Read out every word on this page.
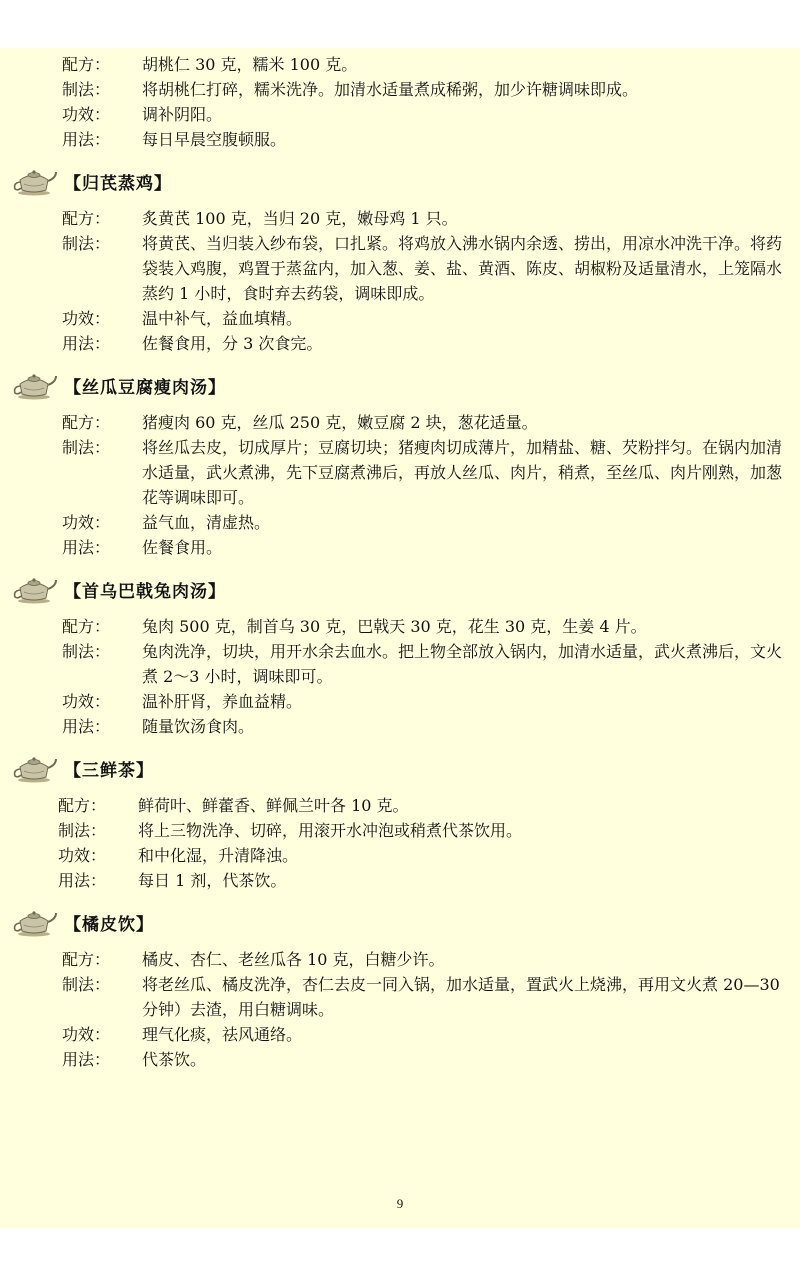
配方：	胡桃仁 30 克，糯米 100 克。
制法：	将胡桃仁打碎，糯米洗净。加清水适量煮成稀粥，加少许糖调味即成。
功效：	调补阴阳。
用法：	每日早晨空腹顿服。
【归芪蒸鸡】
配方：	炙黄芪 100 克，当归 20 克，嫩母鸡 1 只。
制法：	将黄芪、当归装入纱布袋，口扎紧。将鸡放入沸水锅内余透、捞出，用凉水冲洗干净。将药袋装入鸡腹，鸡置于蒸盆内，加入葱、姜、盐、黄酒、陈皮、胡椒粉及适量清水，上笼隔水蒸约 1 小时，食时弃去药袋，调味即成。
功效：	温中补气，益血填精。
用法：	佐餐食用，分 3 次食完。
【丝瓜豆腐瘦肉汤】
配方：	猪瘦肉 60 克，丝瓜 250 克，嫩豆腐 2 块，葱花适量。
制法：	将丝瓜去皮，切成厚片；豆腐切块；猪瘦肉切成薄片，加精盐、糖、芡粉拌匀。在锅内加清水适量，武火煮沸，先下豆腐煮沸后，再放人丝瓜、肉片，稍煮，至丝瓜、肉片刚熟，加葱花等调味即可。
功效：	益气血，清虚热。
用法：	佐餐食用。
【首乌巴戟兔肉汤】
配方：	兔肉 500 克，制首乌 30 克，巴戟天 30 克，花生 30 克，生姜 4 片。
制法：	兔肉洗净，切块，用开水余去血水。把上物全部放入锅内，加清水适量，武火煮沸后，文火煮 2～3 小时，调味即可。
功效：	温补肝肾，养血益精。
用法：	随量饮汤食肉。
【三鲜茶】
配方：	鲜荷叶、鲜藿香、鲜佩兰叶各 10 克。
制法：	将上三物洗净、切碎，用滚开水冲泡或稍煮代茶饮用。
功效：	和中化湿，升清降浊。
用法：	每日 1 剂，代茶饮。
【橘皮饮】
配方：	橘皮、杏仁、老丝瓜各 10 克，白糖少许。
制法：	将老丝瓜、橘皮洗净，杏仁去皮一同入锅，加水适量，置武火上烧沸，再用文火煮 20—30 分钟）去渣，用白糖调味。
功效：	理气化痰，祛风通络。
用法：	代茶饮。
9
